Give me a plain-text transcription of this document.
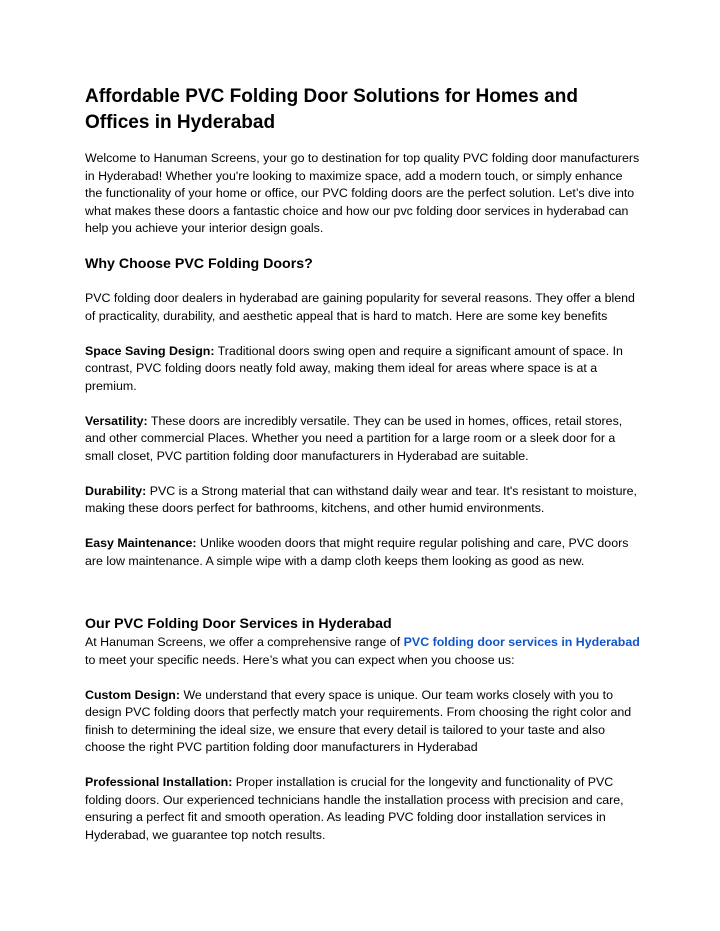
Affordable PVC Folding Door Solutions for Homes and Offices in Hyderabad

Welcome to Hanuman Screens, your go to destination for top quality PVC folding door manufacturers in Hyderabad! Whether you're looking to maximize space, add a modern touch, or simply enhance the functionality of your home or office, our PVC folding doors are the perfect solution. Let’s dive into what makes these doors a fantastic choice and how our pvc folding door services in hyderabad can help you achieve your interior design goals.

Why Choose PVC Folding Doors?

PVC folding door dealers in hyderabad are gaining popularity for several reasons. They offer a blend of practicality, durability, and aesthetic appeal that is hard to match. Here are some key benefits

Space Saving Design: Traditional doors swing open and require a significant amount of space. In contrast, PVC folding doors neatly fold away, making them ideal for areas where space is at a premium.

Versatility: These doors are incredibly versatile. They can be used in homes, offices, retail stores, and other commercial Places. Whether you need a partition for a large room or a sleek door for a small closet, PVC partition folding door manufacturers in Hyderabad are suitable.

Durability: PVC is a Strong material that can withstand daily wear and tear. It's resistant to moisture, making these doors perfect for bathrooms, kitchens, and other humid environments.

Easy Maintenance: Unlike wooden doors that might require regular polishing and care, PVC doors are low maintenance. A simple wipe with a damp cloth keeps them looking as good as new.

Our PVC Folding Door Services in Hyderabad

At Hanuman Screens, we offer a comprehensive range of PVC folding door services in Hyderabad to meet your specific needs. Here’s what you can expect when you choose us:

Custom Design: We understand that every space is unique. Our team works closely with you to design PVC folding doors that perfectly match your requirements. From choosing the right color and finish to determining the ideal size, we ensure that every detail is tailored to your taste and also choose the right PVC partition folding door manufacturers in Hyderabad

Professional Installation: Proper installation is crucial for the longevity and functionality of PVC folding doors. Our experienced technicians handle the installation process with precision and care, ensuring a perfect fit and smooth operation. As leading PVC folding door installation services in Hyderabad, we guarantee top notch results.
